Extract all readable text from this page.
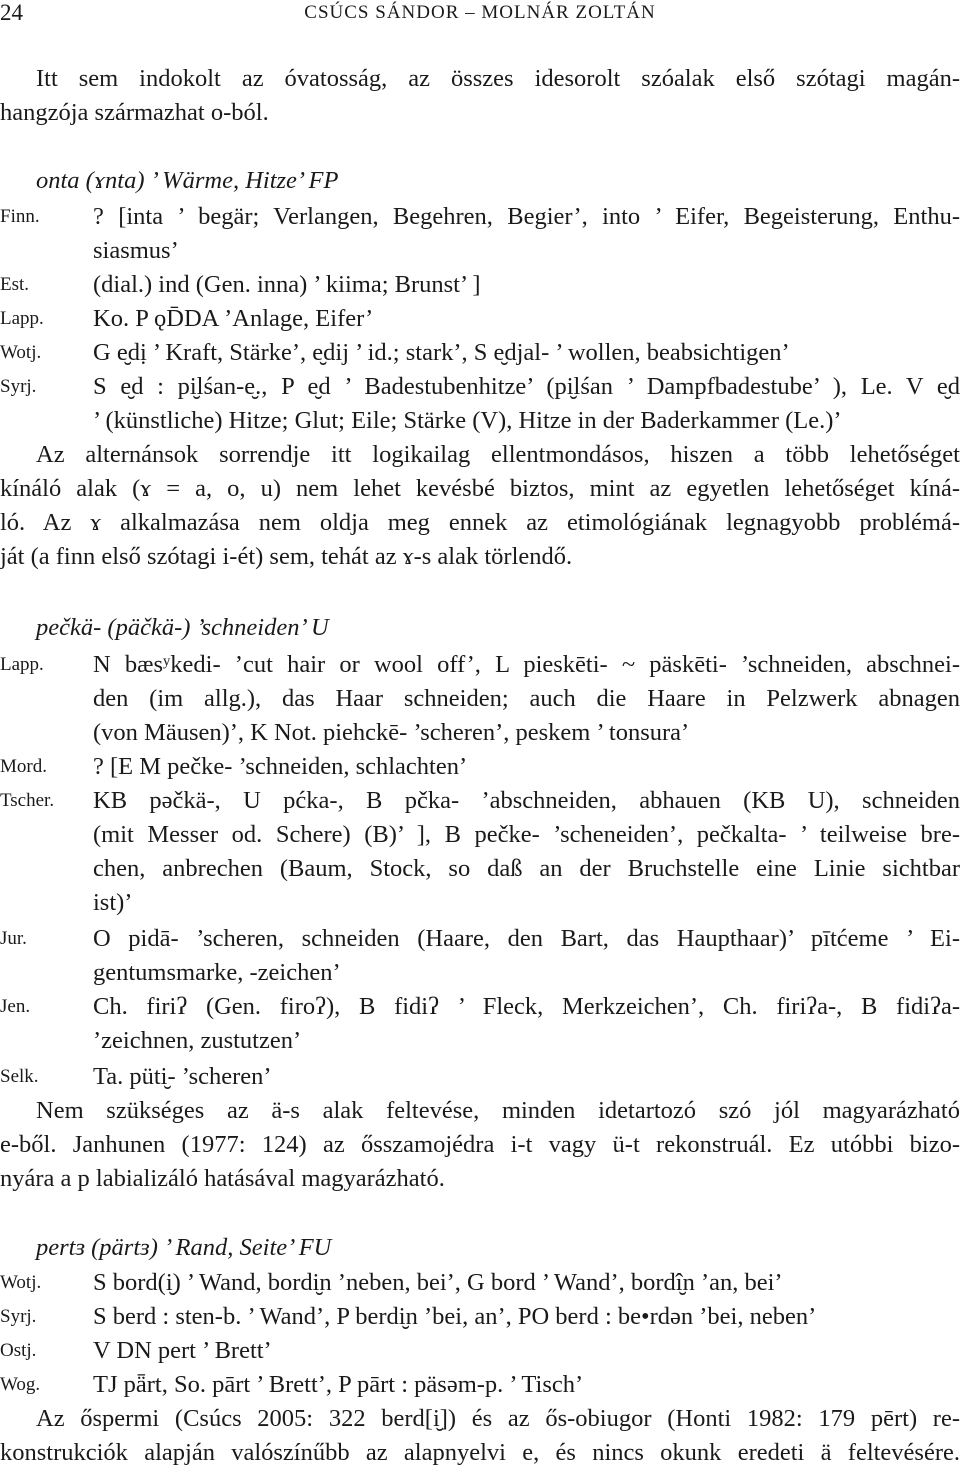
24	CSÚCS SÁNDOR – MOLNÁR ZOLTÁN
Itt sem indokolt az óvatosság, az összes idesorolt szóalak első szótagi magán-
hangzója származhat o-ból.
onta (ɤnta) ’ Wärme, Hitze’ FP
Finn.	? [inta ’ begär; Verlangen, Begehren, Begier’, into ’ Eifer, Begeisterung, Enthu-
siasmus’
Est.	(dial.) ind (Gen. inna) ’ kiima; Brunst’ ]
Lapp.	Ko. P ǫD̄DA ’Anlage, Eifer’
Wotj.	G e̮dị ’ Kraft, Stärke’, e̮dij ’ id.; stark’, S e̮djal- ’ wollen, beabsichtigen’
Syrj.	S e̮d : pi̮lśan-e̮., P e̮d ’ Badestubenhitze’ (pi̮lśan ’ Dampfbadestube’ ), Le. V e̮d
’ (künstliche) Hitze; Glut; Eile; Stärke (V), Hitze in der Baderkammer (Le.)’
Az alternánsok sorrendje itt logikailag ellentmondásos, hiszen a több lehetőséget
kínáló alak (ɤ = a, o, u) nem lehet kevésbé biztos, mint az egyetlen lehetőséget kíná-
ló. Az ɤ alkalmazása nem oldja meg ennek az etimológiának legnagyobb problémá-
ját (a finn első szótagi i-ét) sem, tehát az ɤ-s alak törlendő.
pečkä- (päčkä-) ’schneiden’ U
Lapp.	N bæsʸkedi- ’cut hair or wool off’, L pieskēti- ~ päskēti- ’schneiden, abschnei-
den (im allg.), das Haar schneiden; auch die Haare in Pelzwerk abnagen
(von Mäusen)’, K Not. piehckē- ’scheren’, peskem ’ tonsura’
Mord.	? [E M pečke- ’schneiden, schlachten’
Tscher.	KB pəčkä-, U pćka-, B pčka- ’abschneiden, abhauen (KB U), schneiden
(mit Messer od. Schere) (B)’ ], B pečke- ’scheneiden’, pečkalta- ’ teilweise bre-
chen, anbrechen (Baum, Stock, so daß an der Bruchstelle eine Linie sichtbar
ist)’
Jur.	O pidā- ’scheren, schneiden (Haare, den Bart, das Haupthaar)’ pītćeme ’ Ei-
gentumsmarke, -zeichen’
Jen.	Ch. firiʔ (Gen. firoʔ), B fidiʔ ’ Fleck, Merkzeichen’, Ch. firiʔa-, B fidiʔa-
’zeichnen, zustutzen’
Selk.	Ta. püti̮- ’scheren’
Nem szükséges az ä-s alak feltevése, minden idetartozó szó jól magyarázható
e-ből. Janhunen (1977: 124) az ősszamojédra i-t vagy ü-t rekonstruál. Ez utóbbi bizo-
nyára a p labializáló hatásával magyarázható.
pertɜ (pärtɜ) ’ Rand, Seite’ FU
Wotj.	S bord(i̮) ’ Wand, bordi̮n ’neben, bei’, G bord ’ Wand’, bordî̮n ’an, bei’
Syrj.	S berd : sten-b. ’ Wand’, P berdi̮n ’bei, an’, PO berd : be•rdən ’bei, neben’
Ostj.	V DN pert ’ Brett’
Wog.	TJ pǟrt, So. pārt ’ Brett’, P pārt : päsəm-p. ’ Tisch’
Az őspermi (Csúcs 2005: 322 berd[i̮]) és az ős-obiugor (Honti 1982: 179 pērt) re-
konstrukciók alapján valószínűbb az alapnyelvi e, és nincs okunk eredeti ä feltevésére.
